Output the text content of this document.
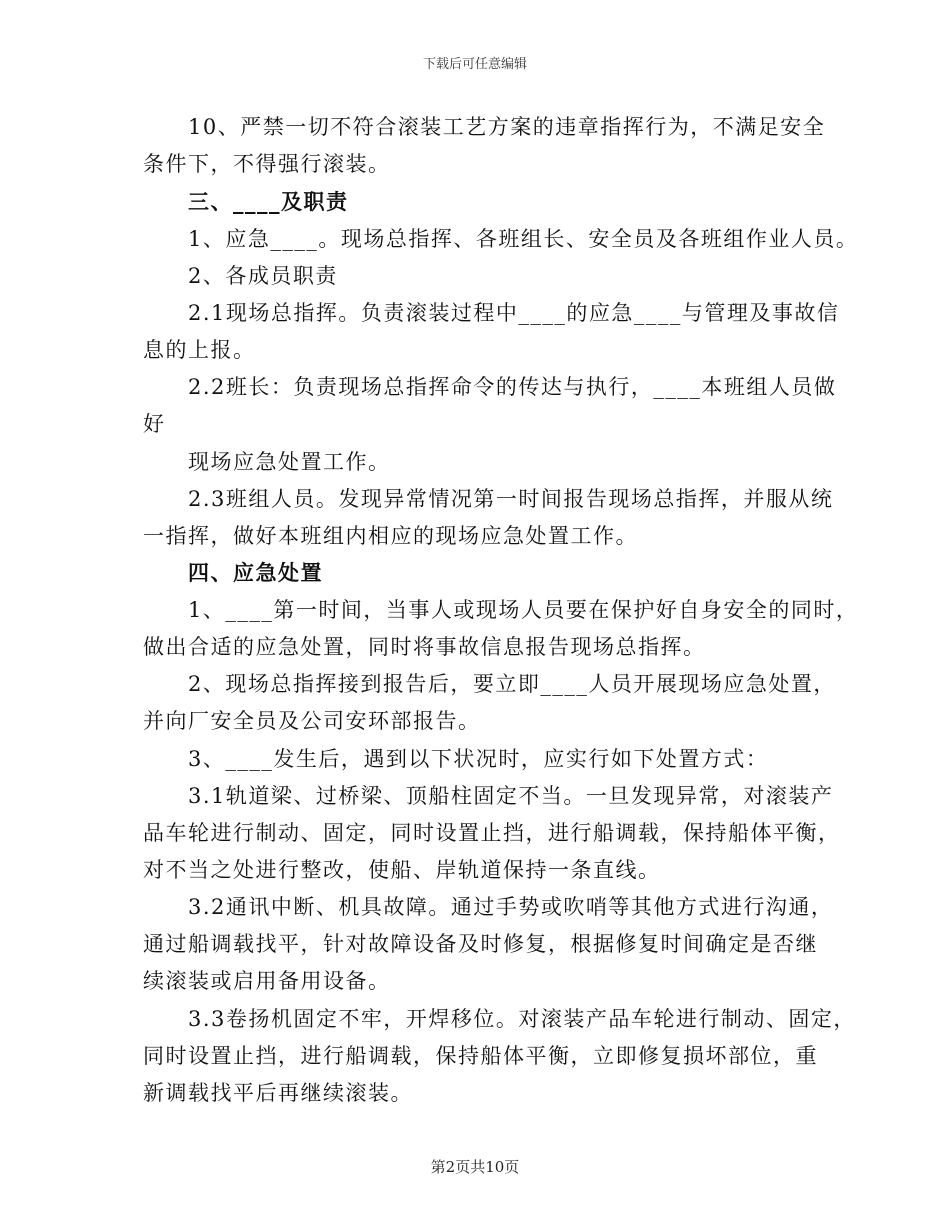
下载后可任意编辑
10、严禁一切不符合滚装工艺方案的违章指挥行为，不满足安全
条件下，不得强行滚装。
三、____及职责
1、应急____。现场总指挥、各班组长、安全员及各班组作业人员。
2、各成员职责
2.1现场总指挥。负责滚装过程中____的应急____与管理及事故信
息的上报。
2.2班长：负责现场总指挥命令的传达与执行，____本班组人员做
好
现场应急处置工作。
2.3班组人员。发现异常情况第一时间报告现场总指挥，并服从统
一指挥，做好本班组内相应的现场应急处置工作。
四、应急处置
1、____第一时间，当事人或现场人员要在保护好自身安全的同时，
做出合适的应急处置，同时将事故信息报告现场总指挥。
2、现场总指挥接到报告后，要立即____人员开展现场应急处置，
并向厂安全员及公司安环部报告。
3、____发生后，遇到以下状况时，应实行如下处置方式：
3.1轨道梁、过桥梁、顶船柱固定不当。一旦发现异常，对滚装产
品车轮进行制动、固定，同时设置止挡，进行船调载，保持船体平衡，
对不当之处进行整改，使船、岸轨道保持一条直线。
3.2通讯中断、机具故障。通过手势或吹哨等其他方式进行沟通，
通过船调载找平，针对故障设备及时修复，根据修复时间确定是否继
续滚装或启用备用设备。
3.3卷扬机固定不牢，开焊移位。对滚装产品车轮进行制动、固定，
同时设置止挡，进行船调载，保持船体平衡，立即修复损坏部位，重
新调载找平后再继续滚装。
第2页共10页
